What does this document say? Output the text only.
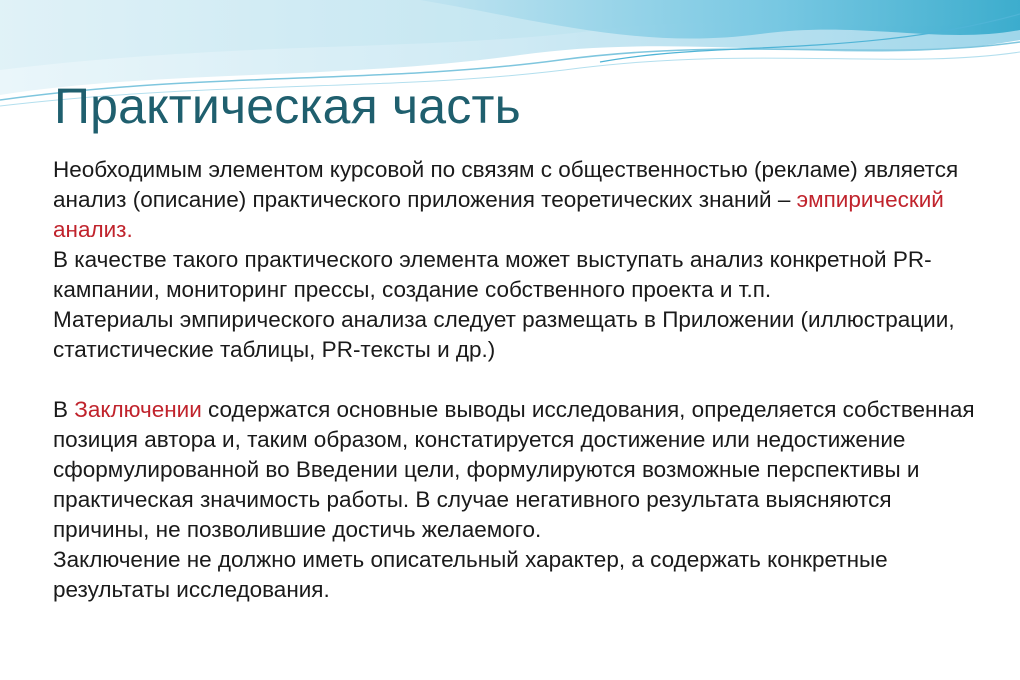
Практическая часть

Необходимым элементом курсовой по связям с общественностью (рекламе) является анализ (описание) практического приложения теоретических знаний – эмпирический анализ.

В качестве такого практического элемента может выступать анализ конкретной PR-кампании, мониторинг прессы, создание собственного проекта и т.п.

Материалы эмпирического анализа следует размещать в Приложении (иллюстрации, статистические таблицы, PR-тексты и др.)

В Заключении содержатся основные выводы исследования, определяется собственная позиция автора и, таким образом, констатируется достижение или недостижение сформулированной во Введении цели, формулируются возможные перспективы и практическая значимость работы. В случае негативного результата выясняются причины, не позволившие достичь желаемого.

Заключение не должно иметь описательный характер, а содержать конкретные результаты исследования.
